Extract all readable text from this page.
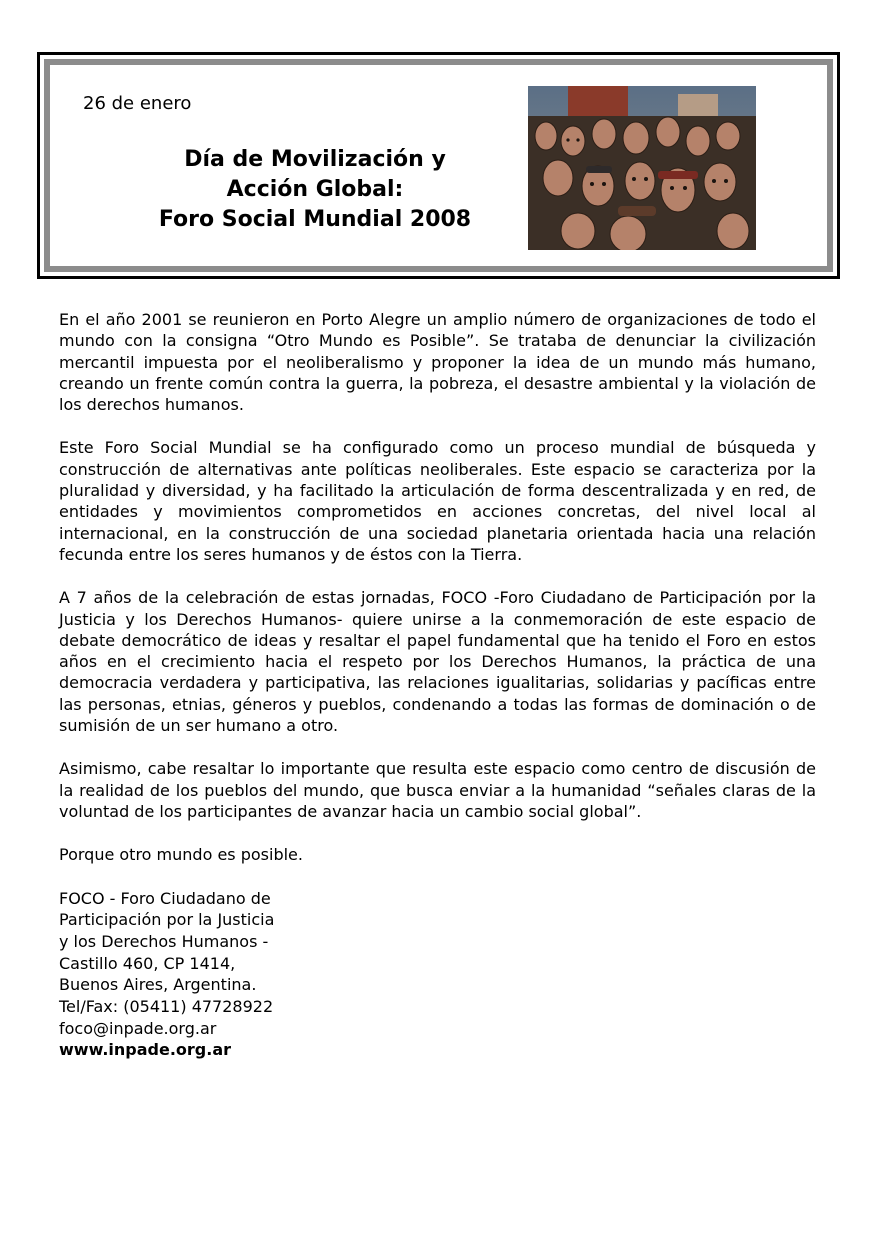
26 de enero
Día de Movilización y
Acción Global:
Foro Social Mundial 2008

En el año 2001 se reunieron en Porto Alegre un amplio número de organizaciones de todo el mundo con la consigna “Otro Mundo es Posible”. Se trataba de denunciar la civilización mercantil impuesta por el neoliberalismo y proponer la idea de un mundo más humano, creando un frente común contra la guerra, la pobreza, el desastre ambiental y la violación de los derechos humanos.

Este Foro Social Mundial se ha configurado como un proceso mundial de búsqueda y construcción de alternativas ante políticas neoliberales. Este espacio se caracteriza por la pluralidad y diversidad, y ha facilitado la articulación de forma descentralizada y en red, de entidades y movimientos comprometidos en acciones concretas, del nivel local al internacional, en la construcción de una sociedad planetaria orientada hacia una relación fecunda entre los seres humanos y de éstos con la Tierra.

A 7 años de la celebración de estas jornadas, FOCO -Foro Ciudadano de Participación por la Justicia y los Derechos Humanos- quiere unirse a la conmemoración de este espacio de debate democrático de ideas y resaltar el papel fundamental que ha tenido el Foro en estos años en el crecimiento hacia el respeto por los Derechos Humanos, la práctica de una democracia verdadera y participativa, las relaciones igualitarias, solidarias y pacíficas entre las personas, etnias, géneros y pueblos, condenando a todas las formas de dominación o de sumisión de un ser humano a otro.

Asimismo, cabe resaltar lo importante que resulta este espacio como centro de discusión de la realidad de los pueblos del mundo, que busca enviar a la humanidad “señales claras de la voluntad de los participantes de avanzar hacia un cambio social global”.

Porque otro mundo es posible.

FOCO - Foro Ciudadano de
Participación por la Justicia
y los Derechos Humanos -
Castillo 460, CP 1414,
Buenos Aires, Argentina.
Tel/Fax: (05411) 47728922
foco@inpade.org.ar
www.inpade.org.ar
